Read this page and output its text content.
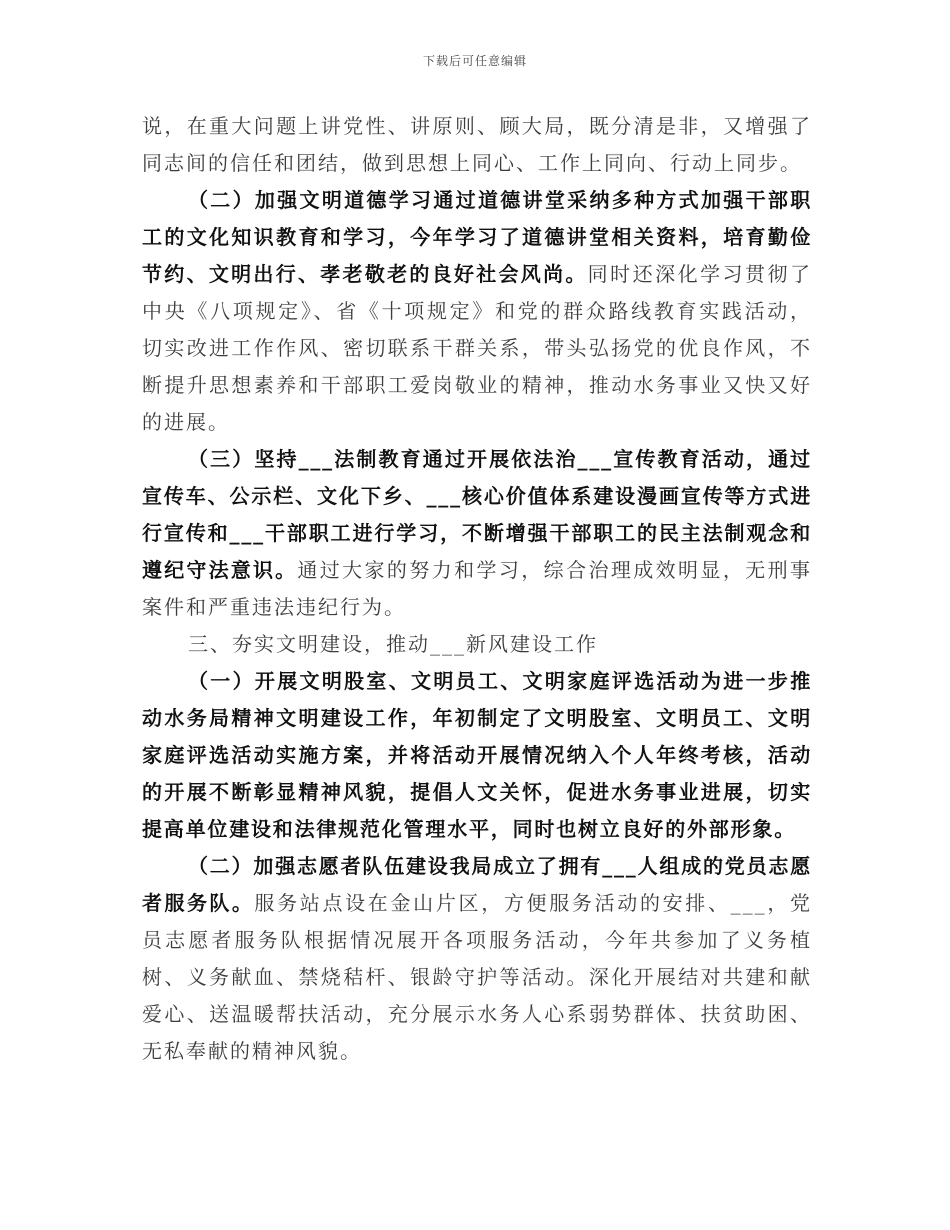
下载后可任意编辑

说，在重大问题上讲党性、讲原则、顾大局，既分清是非，又增强了同志间的信任和团结，做到思想上同心、工作上同向、行动上同步。

（二）加强文明道德学习通过道德讲堂采纳多种方式加强干部职工的文化知识教育和学习，今年学习了道德讲堂相关资料，培育勤俭节约、文明出行、孝老敬老的良好社会风尚。同时还深化学习贯彻了中央《八项规定》、省《十项规定》和党的群众路线教育实践活动，切实改进工作作风、密切联系干群关系，带头弘扬党的优良作风，不断提升思想素养和干部职工爱岗敬业的精神，推动水务事业又快又好的进展。

（三）坚持___法制教育通过开展依法治___宣传教育活动，通过宣传车、公示栏、文化下乡、___核心价值体系建设漫画宣传等方式进行宣传和___干部职工进行学习，不断增强干部职工的民主法制观念和遵纪守法意识。通过大家的努力和学习，综合治理成效明显，无刑事案件和严重违法违纪行为。

三、夯实文明建设，推动___新风建设工作

（一）开展文明股室、文明员工、文明家庭评选活动为进一步推动水务局精神文明建设工作，年初制定了文明股室、文明员工、文明家庭评选活动实施方案，并将活动开展情况纳入个人年终考核，活动的开展不断彰显精神风貌，提倡人文关怀，促进水务事业进展，切实提高单位建设和法律规范化管理水平，同时也树立良好的外部形象。

（二）加强志愿者队伍建设我局成立了拥有___人组成的党员志愿者服务队。服务站点设在金山片区，方便服务活动的安排、___，党员志愿者服务队根据情况展开各项服务活动，今年共参加了义务植树、义务献血、禁烧秸杆、银龄守护等活动。深化开展结对共建和献爱心、送温暖帮扶活动，充分展示水务人心系弱势群体、扶贫助困、无私奉献的精神风貌。
